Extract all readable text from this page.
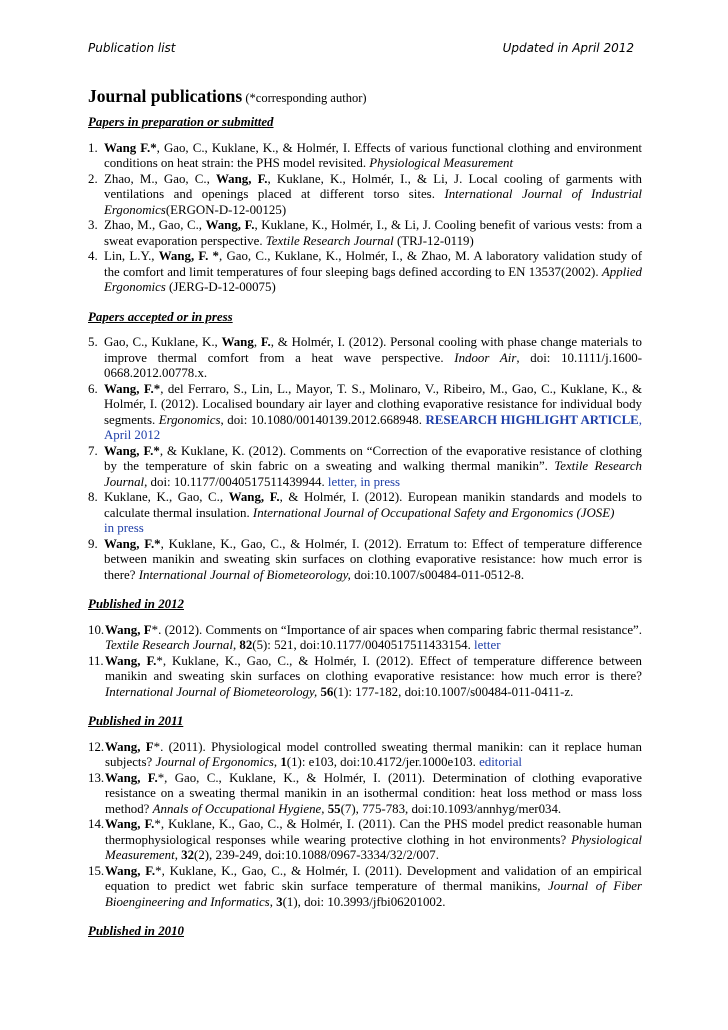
Publication list	Updated in April 2012
Journal publications (*corresponding author)
Papers in preparation or submitted
1. Wang F.*, Gao, C., Kuklane, K., & Holmér, I. Effects of various functional clothing and environment conditions on heat strain: the PHS model revisited. Physiological Measurement
2. Zhao, M., Gao, C., Wang, F., Kuklane, K., Holmér, I., & Li, J. Local cooling of garments with ventilations and openings placed at different torso sites. International Journal of Industrial Ergonomics(ERGON-D-12-00125)
3. Zhao, M., Gao, C., Wang, F., Kuklane, K., Holmér, I., & Li, J. Cooling benefit of various vests: from a sweat evaporation perspective. Textile Research Journal (TRJ-12-0119)
4. Lin, L.Y., Wang, F. *, Gao, C., Kuklane, K., Holmér, I., & Zhao, M. A laboratory validation study of the comfort and limit temperatures of four sleeping bags defined according to EN 13537(2002). Applied Ergonomics (JERG-D-12-00075)
Papers accepted or in press
5. Gao, C., Kuklane, K., Wang, F., & Holmér, I. (2012). Personal cooling with phase change materials to improve thermal comfort from a heat wave perspective. Indoor Air, doi: 10.1111/j.1600-0668.2012.00778.x.
6. Wang, F.*, del Ferraro, S., Lin, L., Mayor, T. S., Molinaro, V., Ribeiro, M., Gao, C., Kuklane, K., & Holmér, I. (2012). Localised boundary air layer and clothing evaporative resistance for individual body segments. Ergonomics, doi: 10.1080/00140139.2012.668948. RESEARCH HIGHLIGHT ARTICLE, April 2012
7. Wang, F.*, & Kuklane, K. (2012). Comments on “Correction of the evaporative resistance of clothing by the temperature of skin fabric on a sweating and walking thermal manikin”. Textile Research Journal, doi: 10.1177/0040517511439944. letter, in press
8. Kuklane, K., Gao, C., Wang, F., & Holmér, I. (2012). European manikin standards and models to calculate thermal insulation. International Journal of Occupational Safety and Ergonomics (JOSE)
in press
9. Wang, F.*, Kuklane, K., Gao, C., & Holmér, I. (2012). Erratum to: Effect of temperature difference between manikin and sweating skin surfaces on clothing evaporative resistance: how much error is there? International Journal of Biometeorology, doi:10.1007/s00484-011-0512-8.
Published in 2012
10. Wang, F*. (2012). Comments on “Importance of air spaces when comparing fabric thermal resistance”. Textile Research Journal, 82(5): 521, doi:10.1177/0040517511433154. letter
11. Wang, F.*, Kuklane, K., Gao, C., & Holmér, I. (2012). Effect of temperature difference between manikin and sweating skin surfaces on clothing evaporative resistance: how much error is there? International Journal of Biometeorology, 56(1): 177-182, doi:10.1007/s00484-011-0411-z.
Published in 2011
12. Wang, F*. (2011). Physiological model controlled sweating thermal manikin: can it replace human subjects? Journal of Ergonomics, 1(1): e103, doi:10.4172/jer.1000e103. editorial
13. Wang, F.*, Gao, C., Kuklane, K., & Holmér, I. (2011). Determination of clothing evaporative resistance on a sweating thermal manikin in an isothermal condition: heat loss method or mass loss method? Annals of Occupational Hygiene, 55(7), 775-783, doi:10.1093/annhyg/mer034.
14. Wang, F.*, Kuklane, K., Gao, C., & Holmér, I. (2011). Can the PHS model predict reasonable human thermophysiological responses while wearing protective clothing in hot environments? Physiological Measurement, 32(2), 239-249, doi:10.1088/0967-3334/32/2/007.
15. Wang, F.*, Kuklane, K., Gao, C., & Holmér, I. (2011). Development and validation of an empirical equation to predict wet fabric skin surface temperature of thermal manikins, Journal of Fiber Bioengineering and Informatics, 3(1), doi: 10.3993/jfbi06201002.
Published in 2010
